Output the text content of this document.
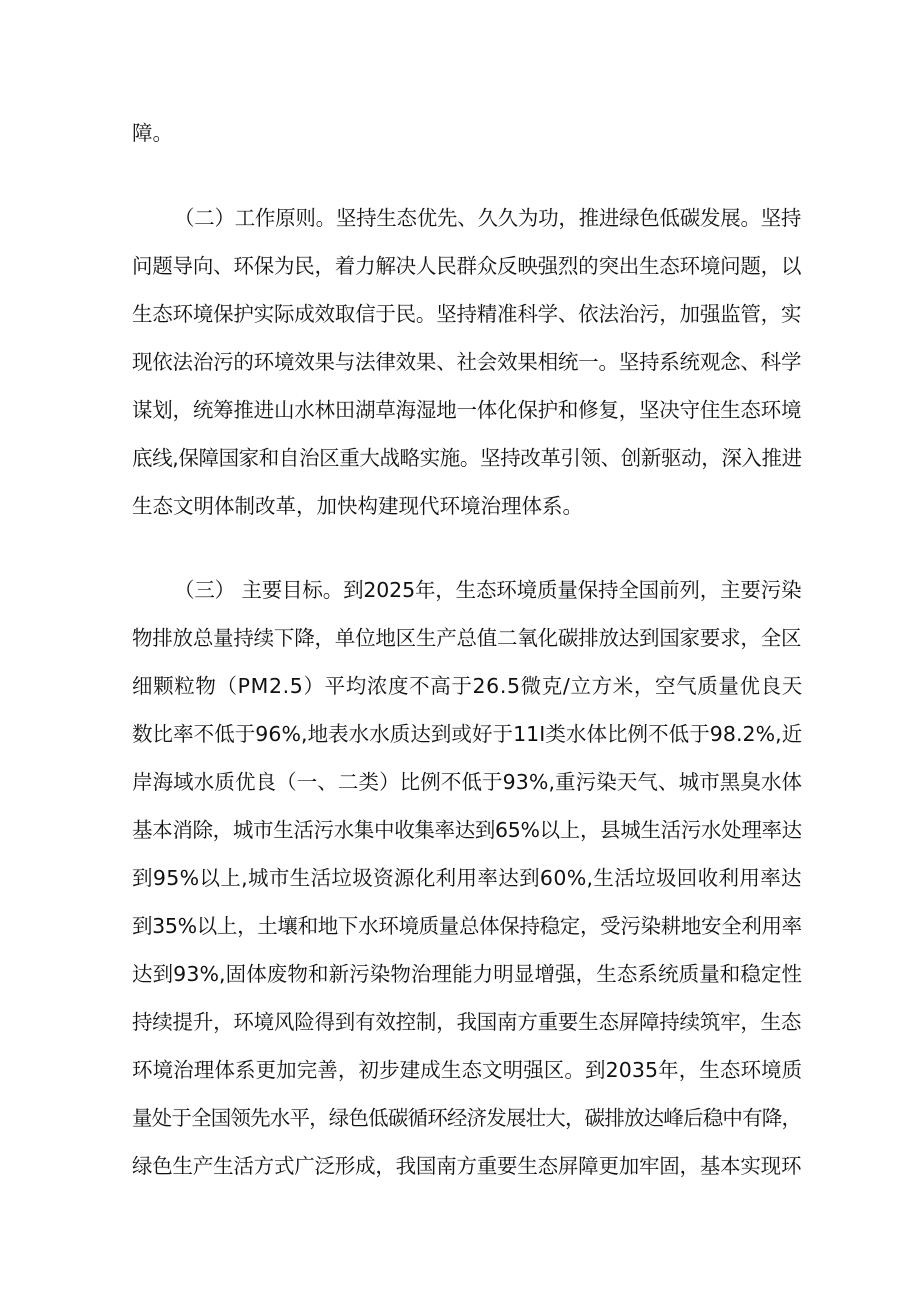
障。
（二）工作原则。坚持生态优先、久久为功，推进绿色低碳发展。坚持
问题导向、环保为民，着力解决人民群众反映强烈的突出生态环境问题，以
生态环境保护实际成效取信于民。坚持精准科学、依法治污，加强监管，实
现依法治污的环境效果与法律效果、社会效果相统一。坚持系统观念、科学
谋划，统筹推进山水林田湖草海湿地一体化保护和修复，坚决守住生态环境
底线,保障国家和自治区重大战略实施。坚持改革引领、创新驱动，深入推进
生态文明体制改革，加快构建现代环境治理体系。
（三） 主要目标。到2025年，生态环境质量保持全国前列，主要污染
物排放总量持续下降，单位地区生产总值二氧化碳排放达到国家要求，全区
细颗粒物（PM2.5）平均浓度不高于26.5微克/立方米，空气质量优良天
数比率不低于96%,地表水水质达到或好于11I类水体比例不低于98.2%,近
岸海域水质优良（一、二类）比例不低于93%,重污染天气、城市黑臭水体
基本消除，城市生活污水集中收集率达到65%以上，县城生活污水处理率达
到95%以上,城市生活垃圾资源化利用率达到60%,生活垃圾回收利用率达
到35%以上，土壤和地下水环境质量总体保持稳定，受污染耕地安全利用率
达到93%,固体废物和新污染物治理能力明显增强，生态系统质量和稳定性
持续提升，环境风险得到有效控制，我国南方重要生态屏障持续筑牢，生态
环境治理体系更加完善，初步建成生态文明强区。到2035年，生态环境质
量处于全国领先水平，绿色低碳循环经济发展壮大，碳排放达峰后稳中有降，
绿色生产生活方式广泛形成，我国南方重要生态屏障更加牢固，基本实现环
